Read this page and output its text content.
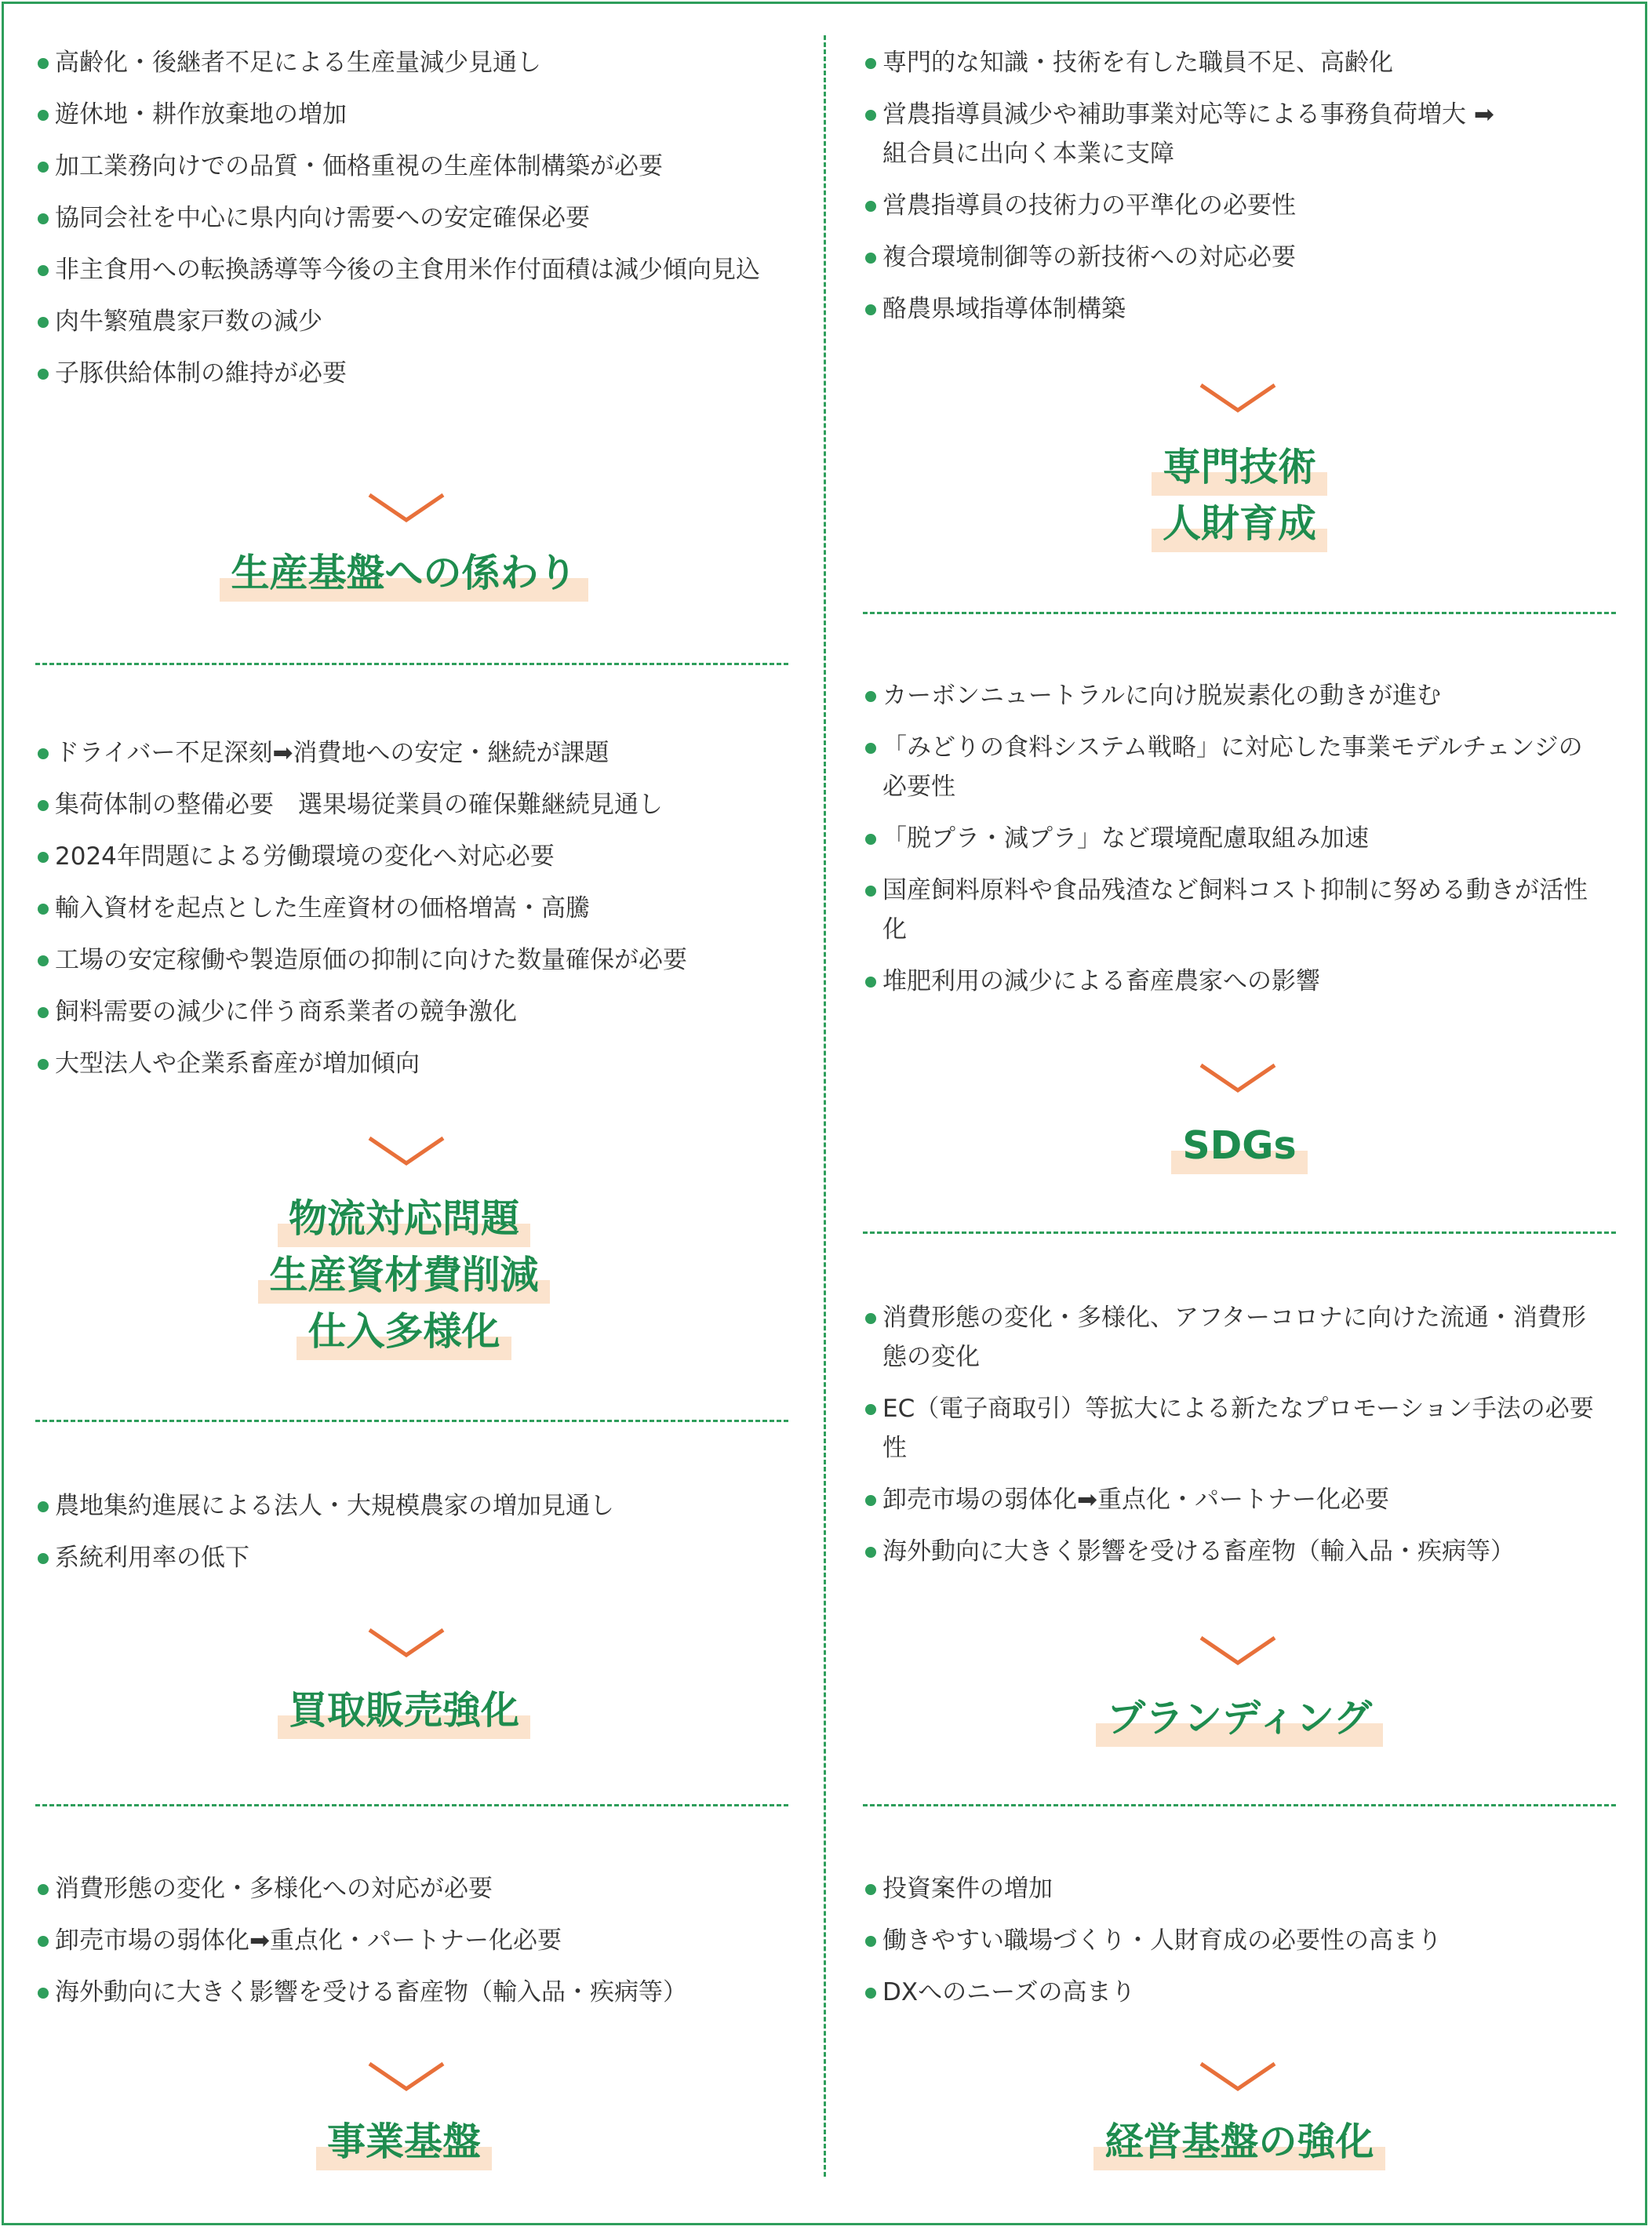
高齢化・後継者不足による生産量減少見通し
遊休地・耕作放棄地の増加
加工業務向けでの品質・価格重視の生産体制構築が必要
協同会社を中心に県内向け需要への安定確保必要
非主食用への転換誘導等今後の主食用米作付面積は減少傾向見込
肉牛繁殖農家戸数の減少
子豚供給体制の維持が必要
生産基盤への係わり
専門的な知識・技術を有した職員不足、高齢化
営農指導員減少や補助事業対応等による事務負荷増大 ➡組合員に出向く本業に支障
営農指導員の技術力の平準化の必要性
複合環境制御等の新技術への対応必要
酪農県域指導体制構築
専門技術
人財育成
ドライバー不足深刻➡消費地への安定・継続が課題
集荷体制の整備必要　選果場従業員の確保難継続見通し
2024年問題による労働環境の変化へ対応必要
輸入資材を起点とした生産資材の価格増嵩・高騰
工場の安定稼働や製造原価の抑制に向けた数量確保が必要
飼料需要の減少に伴う商系業者の競争激化
大型法人や企業系畜産が増加傾向
物流対応問題
生産資材費削減
仕入多様化
カーボンニュートラルに向け脱炭素化の動きが進む
「みどりの食料システム戦略」に対応した事業モデルチェンジの必要性
「脱プラ・減プラ」など環境配慮取組み加速
国産飼料原料や食品残渣など飼料コスト抑制に努める動きが活性化
堆肥利用の減少による畜産農家への影響
SDGs
農地集約進展による法人・大規模農家の増加見通し
系統利用率の低下
買取販売強化
消費形態の変化・多様化、アフターコロナに向けた流通・消費形態の変化
EC（電子商取引）等拡大による新たなプロモーション手法の必要性
卸売市場の弱体化➡重点化・パートナー化必要
海外動向に大きく影響を受ける畜産物（輸入品・疾病等）
ブランディング
消費形態の変化・多様化への対応が必要
卸売市場の弱体化➡重点化・パートナー化必要
海外動向に大きく影響を受ける畜産物（輸入品・疾病等）
事業基盤
投資案件の増加
働きやすい職場づくり・人財育成の必要性の高まり
DXへのニーズの高まり
経営基盤の強化
